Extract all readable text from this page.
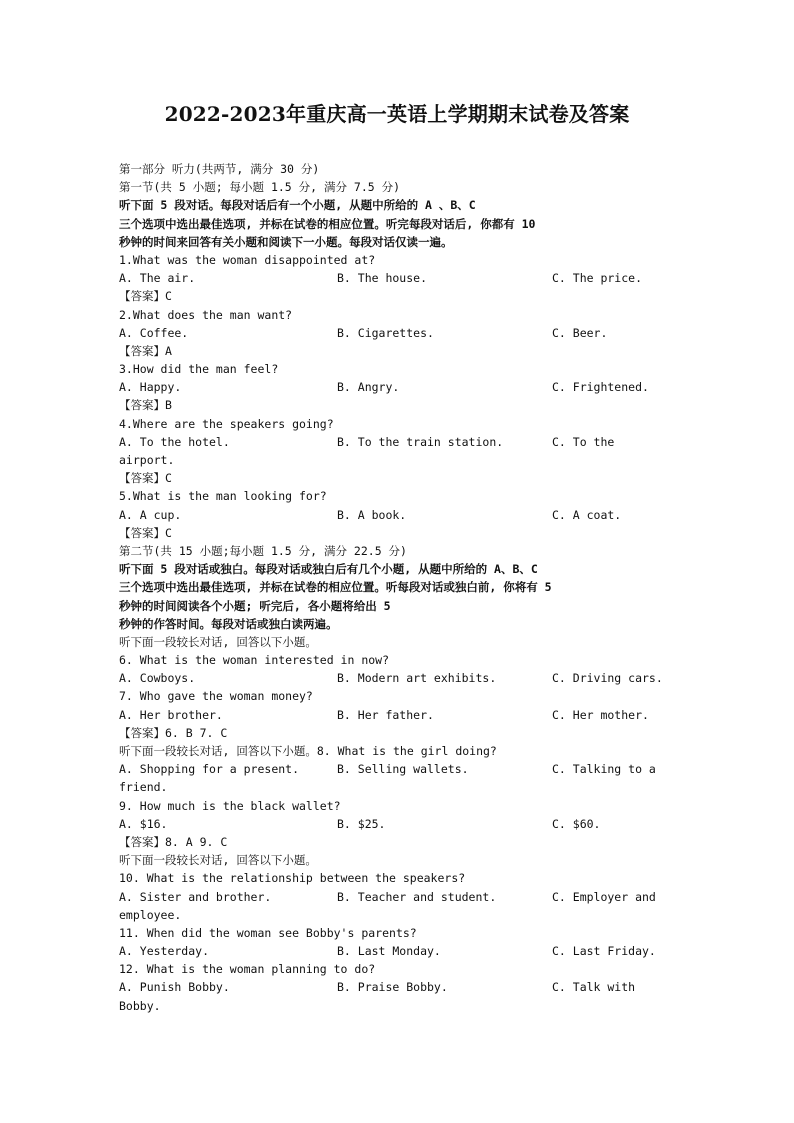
2022-2023年重庆高一英语上学期期末试卷及答案
第一部分 听力(共两节, 满分 30 分)
第一节(共 5 小题; 每小题 1.5 分, 满分 7.5 分)
听下面 5 段对话。每段对话后有一个小题, 从题中所给的 A 、B、C
三个选项中选出最佳选项, 并标在试卷的相应位置。听完每段对话后, 你都有 10
秒钟的时间来回答有关小题和阅读下一小题。每段对话仅读一遍。
1.What was the woman disappointed at?
A. The air.	B. The house.	C. The price.
【答案】C
2.What does the man want?
A. Coffee.	B. Cigarettes.	C. Beer.
【答案】A
3.How did the man feel?
A. Happy.	B. Angry.	C. Frightened.
【答案】B
4.Where are the speakers going?
A. To the hotel.	B. To the train station.	C. To the
airport.
【答案】C
5.What is the man looking for?
A. A cup.	B. A book.	C. A coat.
【答案】C
第二节(共 15 小题;每小题 1.5 分, 满分 22.5 分)
听下面 5 段对话或独白。每段对话或独白后有几个小题, 从题中所给的 A、B、C
三个选项中选出最佳选项, 并标在试卷的相应位置。听每段对话或独白前, 你将有 5
秒钟的时间阅读各个小题; 听完后, 各小题将给出 5
秒钟的作答时间。每段对话或独白读两遍。
听下面一段较长对话, 回答以下小题。
6. What is the woman interested in now?
A. Cowboys.	B. Modern art exhibits.	C. Driving cars.
7. Who gave the woman money?
A. Her brother.	B. Her father.	C. Her mother.
【答案】6. B 7. C
听下面一段较长对话, 回答以下小题。8. What is the girl doing?
A. Shopping for a present.	B. Selling wallets.	C. Talking to a
friend.
9. How much is the black wallet?
A. $16.	B. $25.	C. $60.
【答案】8. A 9. C
听下面一段较长对话, 回答以下小题。
10. What is the relationship between the speakers?
A. Sister and brother.	B. Teacher and student.	C. Employer and
employee.
11. When did the woman see Bobby's parents?
A. Yesterday.	B. Last Monday.	C. Last Friday.
12. What is the woman planning to do?
A. Punish Bobby.	B. Praise Bobby.	C. Talk with
Bobby.
